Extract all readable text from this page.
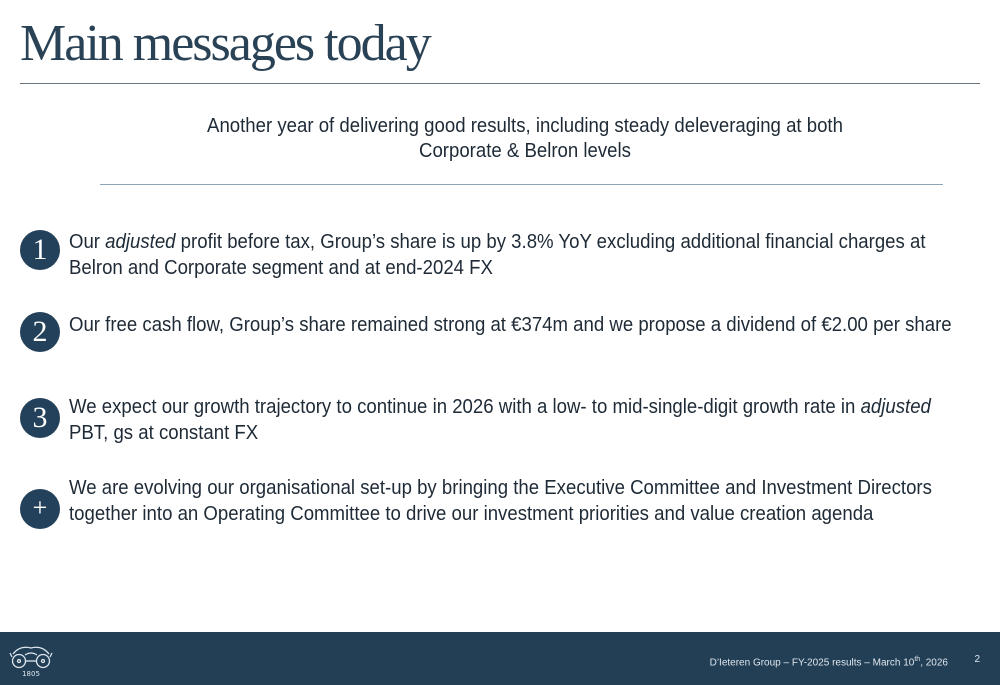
Main messages today
Another year of delivering good results, including steady deleveraging at both
Corporate & Belron levels
1	Our adjusted profit before tax, Group’s share is up by 3.8% YoY excluding additional financial charges at Belron and Corporate segment and at end-2024 FX
2	Our free cash flow, Group’s share remained strong at €374m and we propose a dividend of €2.00 per share
3	We expect our growth trajectory to continue in 2026 with a low- to mid-single-digit growth rate in adjusted PBT, gs at constant FX
+
We are evolving our organisational set-up by bringing the Executive Committee and Investment Directors together into an Operating Committee to drive our investment priorities and value creation agenda
1805
D’Ieteren Group – FY-2025 results – March 10th, 2026	2
